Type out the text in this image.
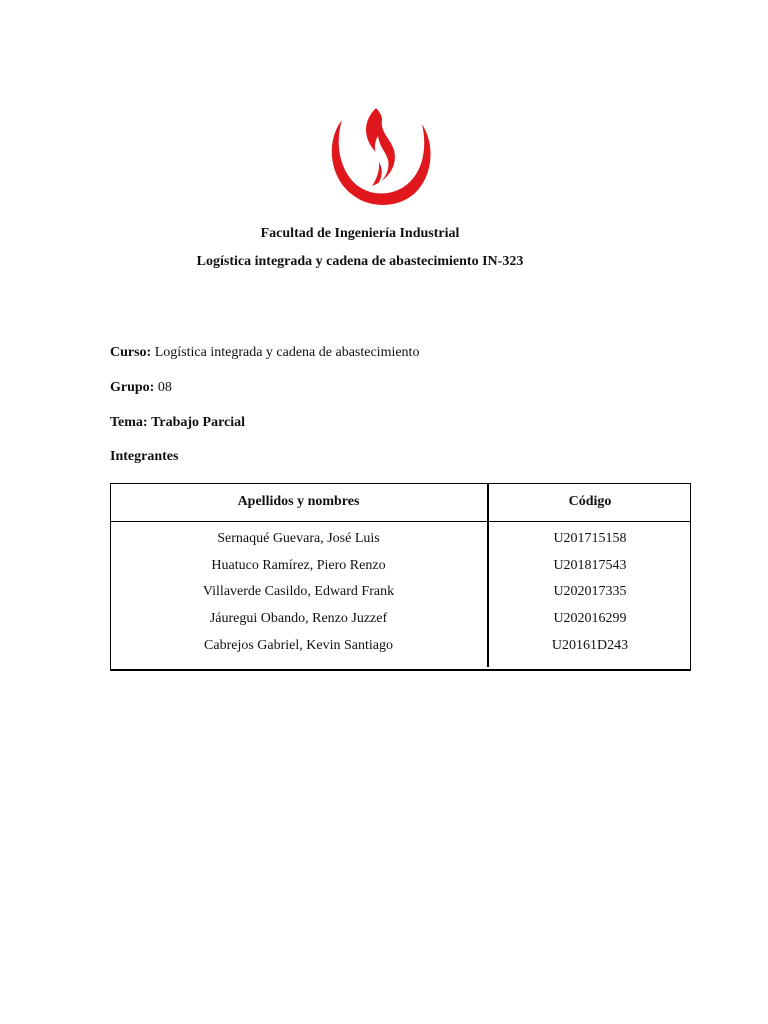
Facultad de Ingeniería Industrial
Logística integrada y cadena de abastecimiento IN-323
Curso: Logística integrada y cadena de abastecimiento
Grupo: 08
Tema: Trabajo Parcial
Integrantes
Apellidos y nombres	Código
Sernaqué Guevara, José Luis	U201715158
Huatuco Ramírez, Piero Renzo	U201817543
Villaverde Casildo, Edward Frank	U202017335
Jáuregui Obando, Renzo Juzzef	U202016299
Cabrejos Gabriel, Kevin Santiago	U20161D243
